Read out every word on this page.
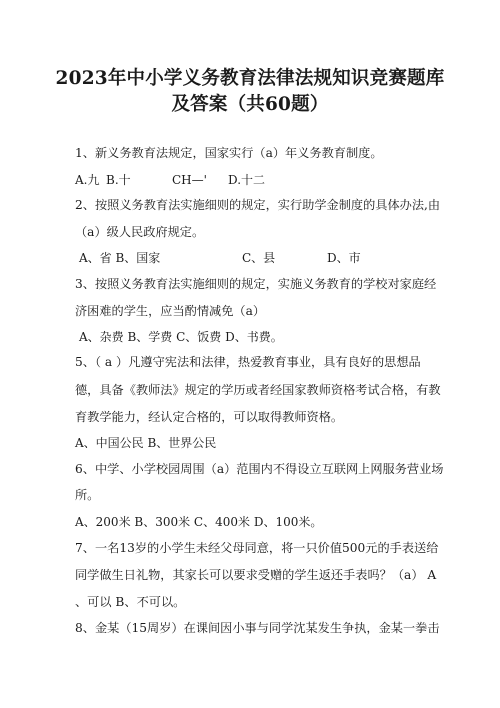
2023年中小学义务教育法律法规知识竞赛题库
及答案（共60题）
1、新义务教育法规定，国家实行（a）年义务教育制度。
A.九 B.十	CH—' D.十二
2、按照义务教育法实施细则的规定，实行助学金制度的具体办法,由
（a）级人民政府规定。
A、省 B、国家	C、县	D、市
3、按照义务教育法实施细则的规定，实施义务教育的学校对家庭经
济困难的学生，应当酌情减免（a）
A、杂费 B、学费 C、饭费 D、书费。
5、（ a ）凡遵守宪法和法律，热爱教育事业，具有良好的思想品
德，具备《教师法》规定的学历或者经国家教师资格考试合格，有教
育教学能力，经认定合格的，可以取得教师资格。
A、中国公民 B、世界公民
6、中学、小学校园周围（a）范围内不得设立互联网上网服务营业场
所。
A、200米 B、300米 C、400米 D、100米。
7、一名13岁的小学生未经父母同意，将一只价值500元的手表送给
同学做生日礼物，其家长可以要求受赠的学生返还手表吗？（a） A
、可以 B、不可以。
8、金某（15周岁）在课间因小事与同学沈某发生争执，金某一拳击
